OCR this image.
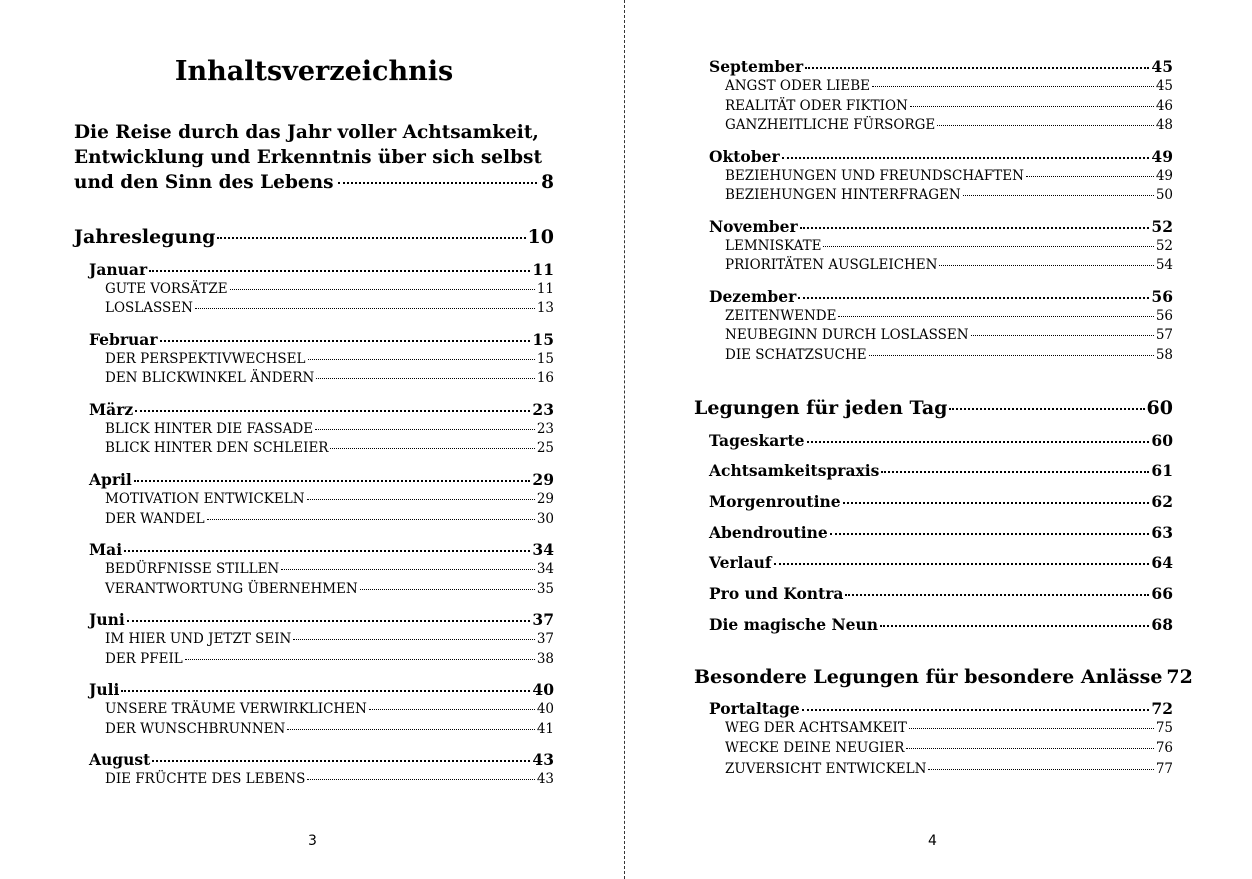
Inhaltsverzeichnis
Die Reise durch das Jahr voller Achtsamkeit,
Entwicklung und Erkenntnis über sich selbst
und den Sinn des Lebens	8
Jahreslegung	10
Januar	11
GUTE VORSÄTZE	11
LOSLASSEN	13
Februar	15
DER PERSPEKTIVWECHSEL	15
DEN BLICKWINKEL ÄNDERN	16
März	23
BLICK HINTER DIE FASSADE	23
BLICK HINTER DEN SCHLEIER	25
April	29
MOTIVATION ENTWICKELN	29
DER WANDEL	30
Mai	34
BEDÜRFNISSE STILLEN	34
VERANTWORTUNG ÜBERNEHMEN	35
Juni	37
IM HIER UND JETZT SEIN	37
DER PFEIL	38
Juli	40
UNSERE TRÄUME VERWIRKLICHEN	40
DER WUNSCHBRUNNEN	41
August	43
DIE FRÜCHTE DES LEBENS	43
3
September	45
ANGST ODER LIEBE	45
REALITÄT ODER FIKTION	46
GANZHEITLICHE FÜRSORGE	48
Oktober	49
BEZIEHUNGEN UND FREUNDSCHAFTEN	49
BEZIEHUNGEN HINTERFRAGEN	50
November	52
LEMNISKATE	52
PRIORITÄTEN AUSGLEICHEN	54
Dezember	56
ZEITENWENDE	56
NEUBEGINN DURCH LOSLASSEN	57
DIE SCHATZSUCHE	58
Legungen für jeden Tag	60
Tageskarte	60
Achtsamkeitspraxis	61
Morgenroutine	62
Abendroutine	63
Verlauf	64
Pro und Kontra	66
Die magische Neun	68
Besondere Legungen für besondere Anlässe 72
Portaltage	72
WEG DER ACHTSAMKEIT	75
WECKE DEINE NEUGIER	76
ZUVERSICHT ENTWICKELN	77
4
